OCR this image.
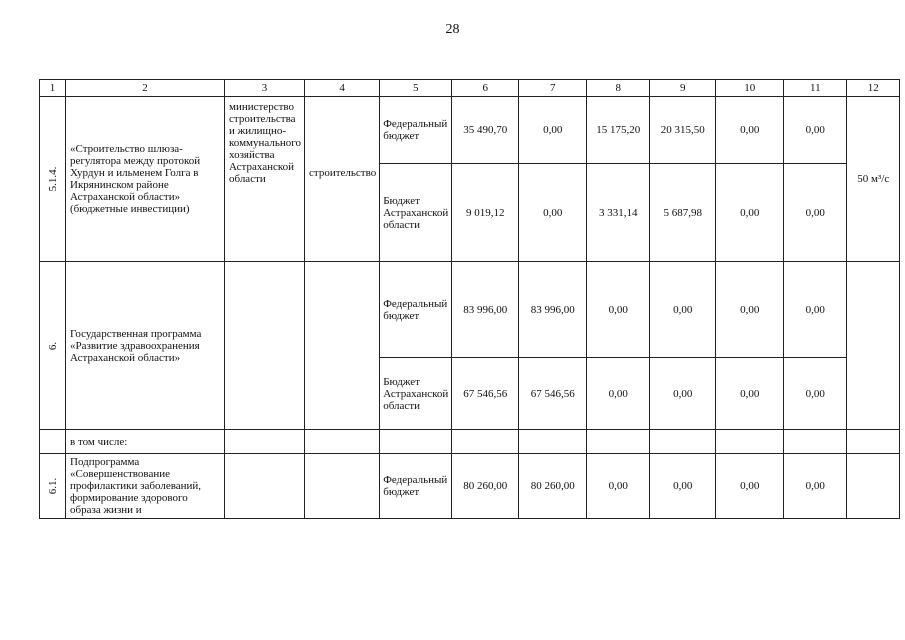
28
1	2	3	4	5	6	7	8	9	10	11	12

5.1.4.	«Строительство шлюза-регулятора между протокой Хурдун и ильменем Голга в Икрянинском районе Астраханской области» (бюджетные инвестиции)	министерство строительства и жилищно-коммунального хозяйства Астраханской области	строительство	Федеральный бюджет	35 490,70	0,00	15 175,20	20 315,50	0,00	0,00	50 м³/с
				Бюджет Астраханской области	9 019,12	0,00	3 331,14	5 687,98	0,00	0,00	

6.	Государственная программа «Развитие здравоохранения Астраханской области»			Федеральный бюджет	83 996,00	83 996,00	0,00	0,00	0,00	0,00	
				Бюджет Астраханской области	67 546,56	67 546,56	0,00	0,00	0,00	0,00	
	в том числе:										

6.1.	Подпрограмма «Совершенствование профилактики заболеваний, формирование здорового образа жизни и			Федеральный бюджет	80 260,00	80 260,00	0,00	0,00	0,00	0,00	
